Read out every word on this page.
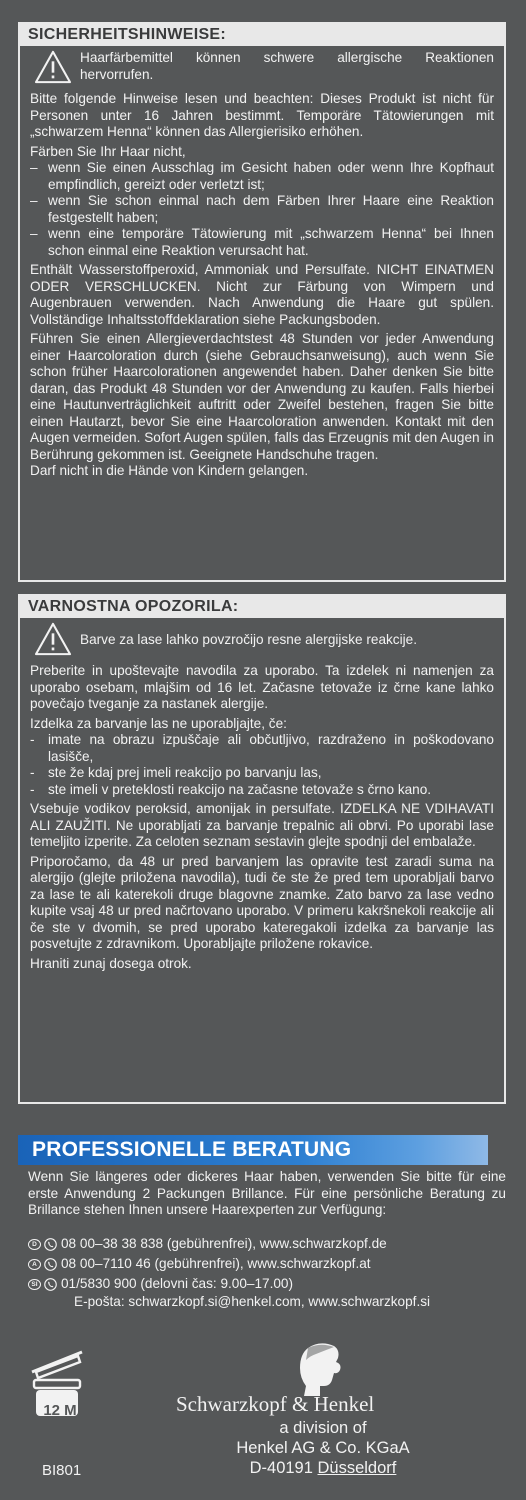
SICHERHEITSHINWEISE:
Haarfärbemittel können schwere allergische Reaktionen hervorrufen.
Bitte folgende Hinweise lesen und beachten: Dieses Produkt ist nicht für Personen unter 16 Jahren bestimmt. Temporäre Tätowierungen mit „schwarzem Henna“ können das Allergierisiko erhöhen.
Färben Sie Ihr Haar nicht,
– wenn Sie einen Ausschlag im Gesicht haben oder wenn Ihre Kopfhaut empfindlich, gereizt oder verletzt ist;
– wenn Sie schon einmal nach dem Färben Ihrer Haare eine Reaktion festgestellt haben;
– wenn eine temporäre Tätowierung mit „schwarzem Henna“ bei Ihnen schon einmal eine Reaktion verursacht hat.
Enthält Wasserstoffperoxid, Ammoniak und Persulfate. NICHT EINATMEN ODER VERSCHLUCKEN. Nicht zur Färbung von Wimpern und Augenbrauen verwenden. Nach Anwendung die Haare gut spülen. Vollständige Inhaltsstoffdeklaration siehe Packungsboden.
Führen Sie einen Allergieverdachtstest 48 Stunden vor jeder Anwendung einer Haarcoloration durch (siehe Gebrauchsanweisung), auch wenn Sie schon früher Haarcolorationen angewendet haben. Daher denken Sie bitte daran, das Produkt 48 Stunden vor der Anwendung zu kaufen. Falls hierbei eine Hautunverträglichkeit auftritt oder Zweifel bestehen, fragen Sie bitte einen Hautarzt, bevor Sie eine Haarcoloration anwenden. Kontakt mit den Augen vermeiden. Sofort Augen spülen, falls das Erzeugnis mit den Augen in Berührung gekommen ist. Geeignete Handschuhe tragen.
Darf nicht in die Hände von Kindern gelangen.
VARNOSTNA OPOZORILA:
Barve za lase lahko povzročijo resne alergijske reakcije.
Preberite in upoštevajte navodila za uporabo. Ta izdelek ni namenjen za uporabo osebam, mlajšim od 16 let. Začasne tetovaže iz črne kane lahko povečajo tveganje za nastanek alergije.
Izdelka za barvanje las ne uporabljajte, če:
- imate na obrazu izpuščaje ali občutljivo, razdraženo in poškodovano lasišče,
- ste že kdaj prej imeli reakcijo po barvanju las,
- ste imeli v preteklosti reakcijo na začasne tetovaže s črno kano.
Vsebuje vodikov peroksid, amonijak in persulfate. IZDELKA NE VDIHAVATI ALI ZAUŽITI. Ne uporabljati za barvanje trepalnic ali obrvi. Po uporabi lase temeljito izperite. Za celoten seznam sestavin glejte spodnji del embalaže.
Priporočamo, da 48 ur pred barvanjem las opravite test zaradi suma na alergijo (glejte priložena navodila), tudi če ste že pred tem uporabljali barvo za lase te ali katerekoli druge blagovne znamke. Zato barvo za lase vedno kupite vsaj 48 ur pred načrtovano uporabo. V primeru kakršnekoli reakcije ali če ste v dvomih, se pred uporabo kateregakoli izdelka za barvanje las posvetujte z zdravnikom. Uporabljajte priložene rokavice.
Hraniti zunaj dosega otrok.
PROFESSIONELLE BERATUNG
Wenn Sie längeres oder dickeres Haar haben, verwenden Sie bitte für eine erste Anwendung 2 Packungen Brillance. Für eine persönliche Beratung zu Brillance stehen Ihnen unsere Haarexperten zur Verfügung:
D 08 00–38 38 838 (gebührenfrei), www.schwarzkopf.de
A 08 00–7110 46 (gebührenfrei), www.schwarzkopf.at
SI 01/5830 900 (delovni čas: 9.00–17.00)
E-pošta: schwarzkopf.si@henkel.com, www.schwarzkopf.si
12 M
BI801
Schwarzkopf & Henkel
a division of
Henkel AG & Co. KGaA
D-40191 Düsseldorf
